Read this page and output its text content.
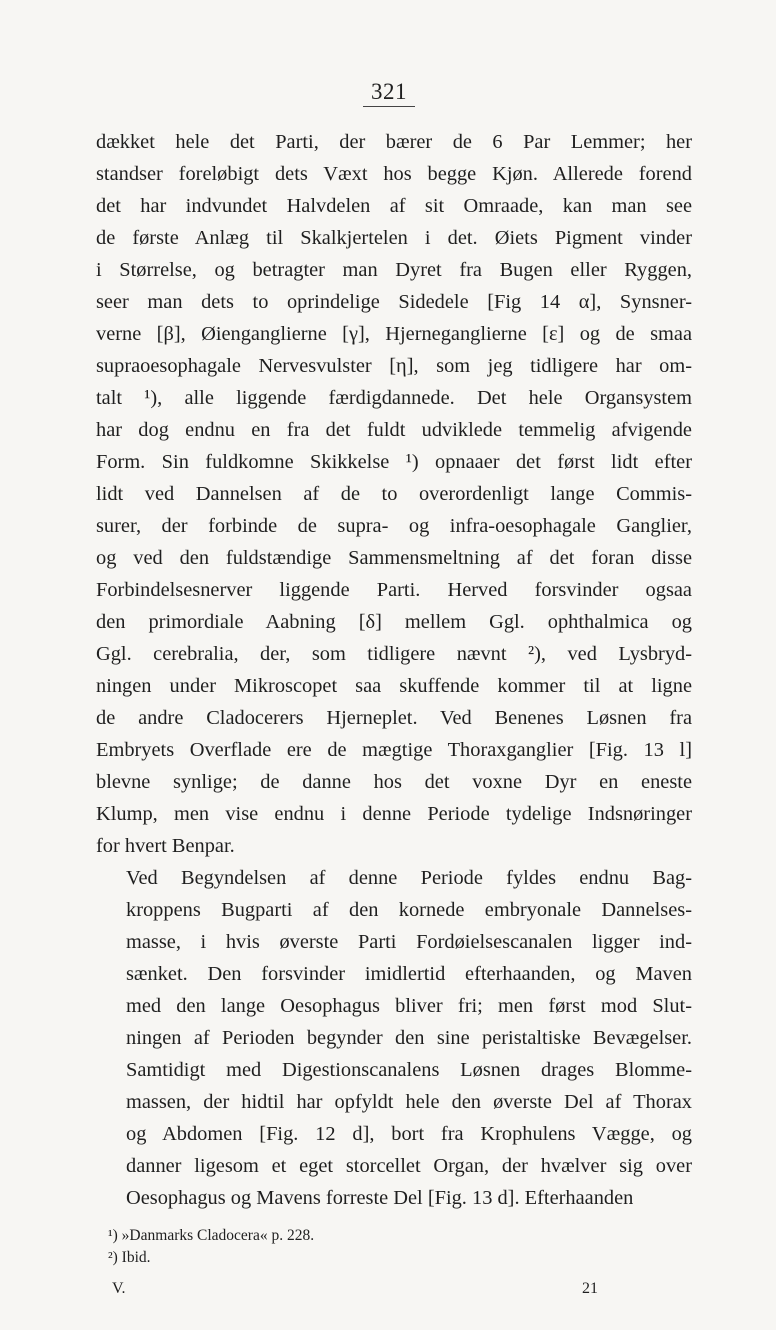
321

dækket hele det Parti, der bærer de 6 Par Lemmer; her
standser foreløbigt dets Væxt hos begge Kjøn. Allerede forend
det har indvundet Halvdelen af sit Omraade, kan man see
de første Anlæg til Skalkjertelen i det. Øiets Pigment vinder
i Størrelse, og betragter man Dyret fra Bugen eller Ryggen,
seer man dets to oprindelige Sidedele [Fig 14 α], Synsner-
verne [β], Øienganglierne [γ], Hjerneganglierne [ε] og de smaa
supraoesophagale Nervesvulster [η], som jeg tidligere har om-
talt ¹), alle liggende færdigdannede. Det hele Organsystem
har dog endnu en fra det fuldt udviklede temmelig afvigende
Form. Sin fuldkomne Skikkelse ¹) opnaaer det først lidt efter
lidt ved Dannelsen af de to overordenligt lange Commis-
surer, der forbinde de supra- og infra-oesophagale Ganglier,
og ved den fuldstændige Sammensmeltning af det foran disse
Forbindelsesnerver liggende Parti. Herved forsvinder ogsaa
den primordiale Aabning [δ] mellem Ggl. ophthalmica og
Ggl. cerebralia, der, som tidligere nævnt ²), ved Lysbryd-
ningen under Mikroscopet saa skuffende kommer til at ligne
de andre Cladocerers Hjerneplet. Ved Benenes Løsnen fra
Embryets Overflade ere de mægtige Thoraxganglier [Fig. 13 l]
blevne synlige; de danne hos det voxne Dyr en eneste
Klump, men vise endnu i denne Periode tydelige Indsnøringer
for hvert Benpar.

Ved Begyndelsen af denne Periode fyldes endnu Bag-
kroppens Bugparti af den kornede embryonale Dannelses-
masse, i hvis øverste Parti Fordøielsescanalen ligger ind-
sænket. Den forsvinder imidlertid efterhaanden, og Maven
med den lange Oesophagus bliver fri; men først mod Slut-
ningen af Perioden begynder den sine peristaltiske Bevægelser.
Samtidigt med Digestionscanalens Løsnen drages Blomme-
massen, der hidtil har opfyldt hele den øverste Del af Thorax
og Abdomen [Fig. 12 d], bort fra Krophulens Vægge, og
danner ligesom et eget storcellet Organ, der hvælver sig over
Oesophagus og Mavens forreste Del [Fig. 13 d]. Efterhaanden

¹) »Danmarks Cladocera« p. 228.
²) Ibid.
V.	21
